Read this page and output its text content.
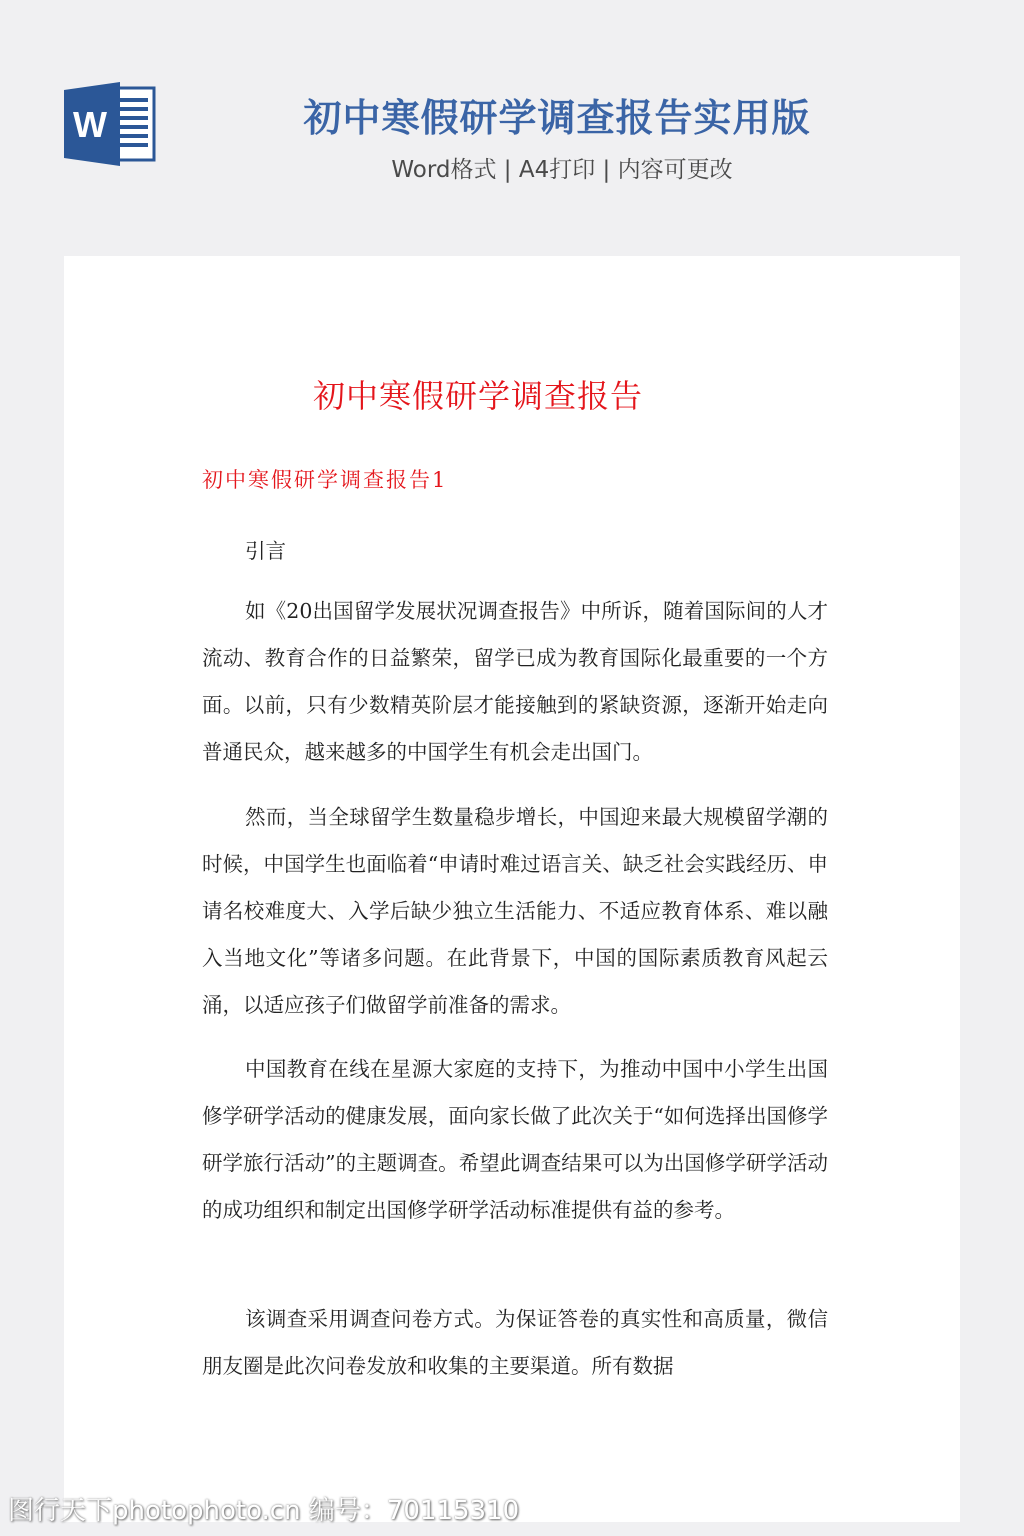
W	初中寒假研学调查报告实用版
Word格式 | A4打印 | 内容可更改
初中寒假研学调查报告
初中寒假研学调查报告1
引言
如《20出国留学发展状况调查报告》中所诉，随着国际间的人才流动、教育合作的日益繁荣，留学已成为教育国际化最重要的一个方面。以前，只有少数精英阶层才能接触到的紧缺资源，逐渐开始走向普通民众，越来越多的中国学生有机会走出国门。
然而，当全球留学生数量稳步增长，中国迎来最大规模留学潮的时候，中国学生也面临着“申请时难过语言关、缺乏社会实践经历、申请名校难度大、入学后缺少独立生活能力、不适应教育体系、难以融入当地文化”等诸多问题。在此背景下，中国的国际素质教育风起云涌，以适应孩子们做留学前准备的需求。
中国教育在线在星源大家庭的支持下，为推动中国中小学生出国修学研学活动的健康发展，面向家长做了此次关于“如何选择出国修学研学旅行活动”的主题调查。希望此调查结果可以为出国修学研学活动的成功组织和制定出国修学研学活动标准提供有益的参考。
该调查采用调查问卷方式。为保证答卷的真实性和高质量，微信朋友圈是此次问卷发放和收集的主要渠道。所有数据
图行天下photophoto.cn 编号：70115310
